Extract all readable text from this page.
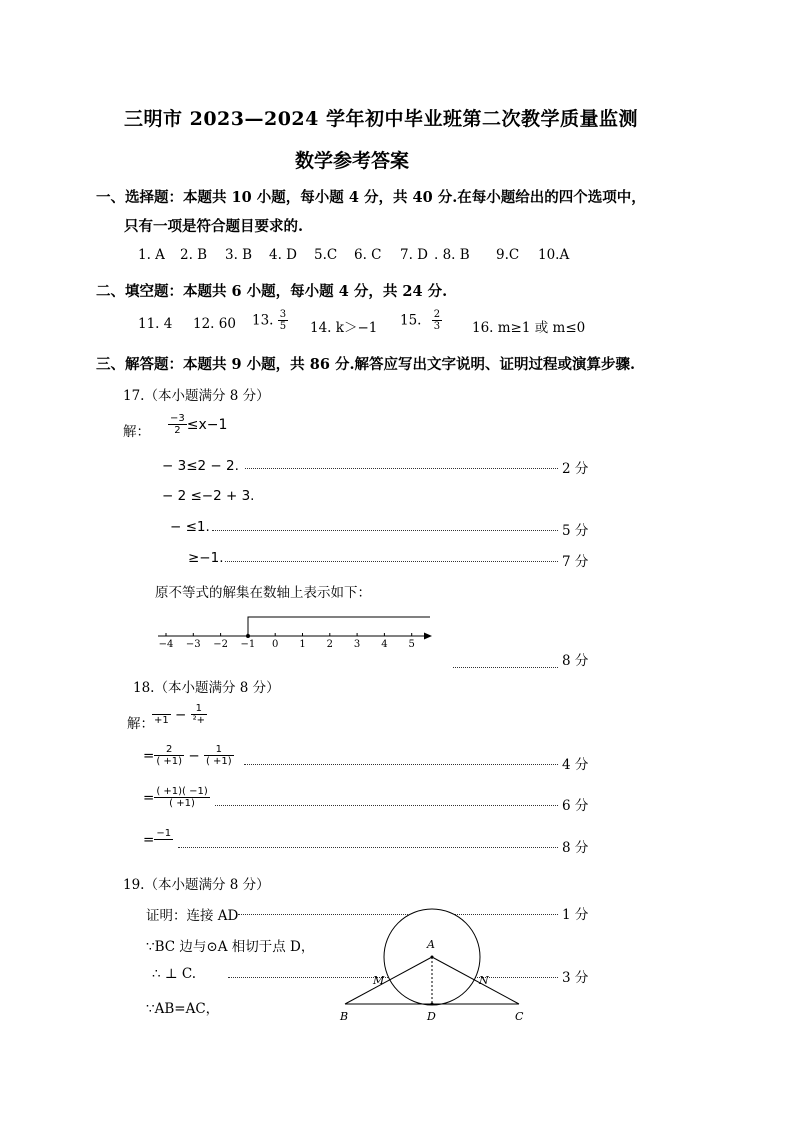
三明市 2023—2024 学年初中毕业班第二次教学质量监测
数学参考答案
一、选择题：本题共 10 小题，每小题 4 分，共 40 分.在每小题给出的四个选项中，
只有一项是符合题目要求的.
1. A 2. B 3. B 4. D 5.C 6. C 7. D . 8. B 9.C 10.A
二、填空题：本题共 6 小题，每小题 4 分，共 24 分.
11. 4 12. 60 13. $\frac{3}{5} 14$. k＞−1 15. $\frac{2}{3} 16$. m≥1 或 m≤0
三、解答题：本题共 9 小题，共 86 分.解答应写出文字说明、证明过程或演算步骤.
17.（本小题满分 8 分）
解： $\frac{-3}{2} \le x-1$
− 3≤2 − 2.	2 分
− 2 ≤−2 + 3.
− ≤1.	5 分
≥−1.	7 分
原不等式的解集在数轴上表示如下：
−4 −3 −2 −1 0 1 2 3 4 5
8 分
18.（本小题满分 8 分）
解：
$+1 - \frac{1}{\text{²+}}$
= $\frac{2}{( +1)} - \frac{1}{( +1)}$	4 分
= $\frac{( +1)( -1)}{( +1)}$	6 分
= −1

8 分
19.（本小题满分 8 分）
证明：连接 AD	1 分
∵BC 边与⊙A 相切于点 D，
∴ ⊥ C.	3 分
∵AB=AC，
A
B	C
D
M	N
